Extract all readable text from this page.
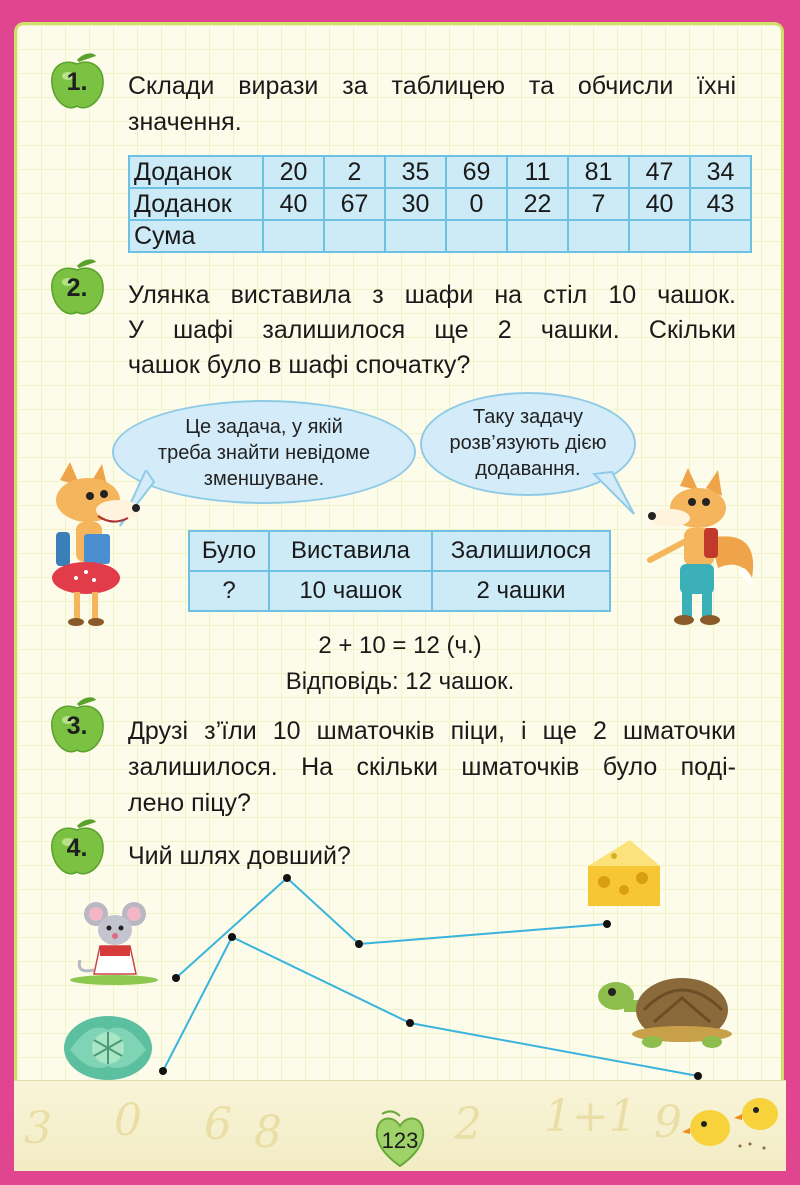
3 0 6 8	2 1+1 9
1.	Склади вирази за таблицею та обчисли їхні
значення.
Доданок	20	2	35	69	11	81	47	34
Доданок	40	67	30	0	22	7	40	43
Сума								
2.	Улянка виставила з шафи на стіл 10 чашок.
У шафі залишилося ще 2 чашки. Скільки
чашок було в шафі спочатку?
Це задача, у якій
треба знайти невідоме
зменшуване.
Таку задачу
розв’язують дією
додавання.
Було	Виставила	Залишилося
?	10 чашок	2 чашки
2 + 10 = 12 (ч.)
Відповідь: 12 чашок.
3.	Друзі з’їли 10 шматочків піци, і ще 2 шматочки
залишилося. На скільки шматочків було поді-
лено піцу?
4.	Чий шлях довший?
123
